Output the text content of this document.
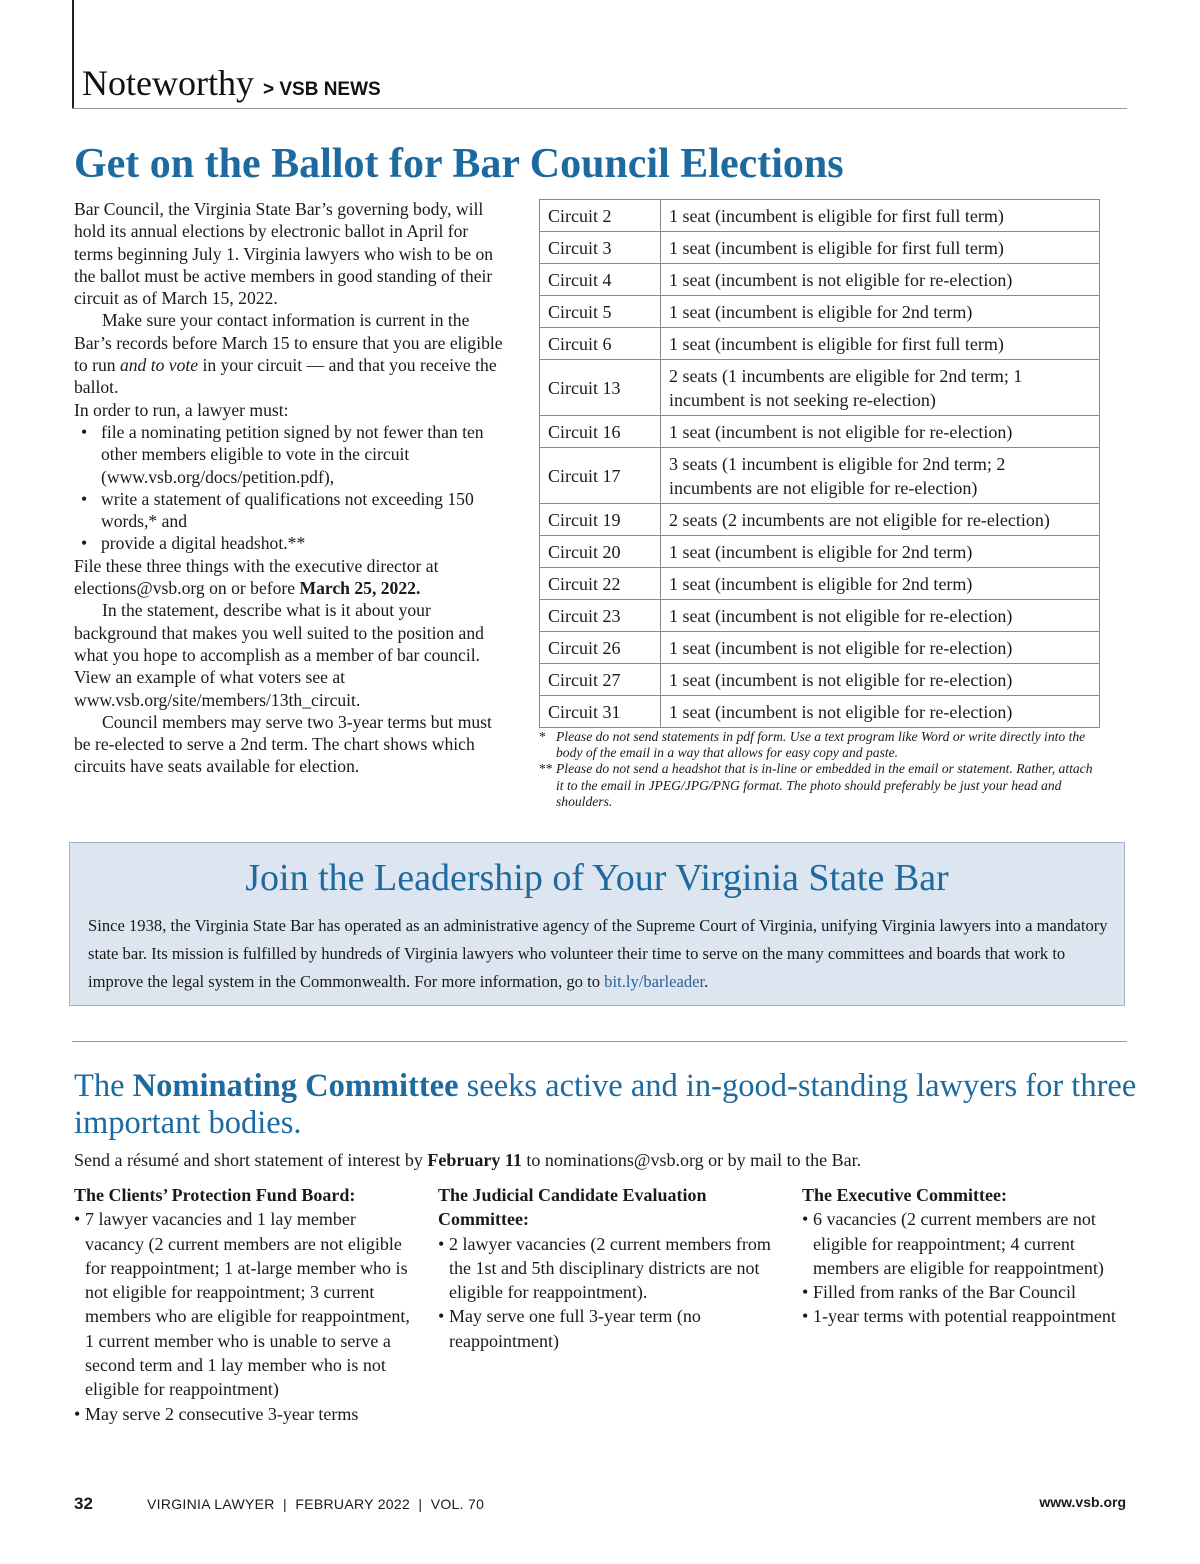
Noteworthy > VSB NEWS
Get on the Ballot for Bar Council Elections

Bar Council, the Virginia State Bar’s governing body, will hold its annual elections by electronic ballot in April for terms beginning July 1. Virginia lawyers who wish to be on the ballot must be active members in good standing of their circuit as of March 15, 2022.

Make sure your contact information is current in the Bar’s records before March 15 to ensure that you are eligible to run and to vote in your circuit — and that you receive the ballot.

In order to run, a lawyer must:

• file a nominating petition signed by not fewer than ten other members eligible to vote in the circuit (www.vsb.org/docs/petition.pdf),
• write a statement of qualifications not exceeding 150 words,* and
• provide a digital headshot.**

File these three things with the executive director at elections@vsb.org on or before March 25, 2022.

In the statement, describe what is it about your background that makes you well suited to the position and what you hope to accomplish as a member of bar council. View an example of what voters see at www.vsb.org/site/members/13th_circuit.

Council members may serve two 3-year terms but must be re-elected to serve a 2nd term. The chart shows which circuits have seats available for election.

Circuit 2	1 seat (incumbent is eligible for first full term)
Circuit 3	1 seat (incumbent is eligible for first full term)
Circuit 4	1 seat (incumbent is not eligible for re-election)
Circuit 5	1 seat (incumbent is eligible for 2nd term)
Circuit 6	1 seat (incumbent is eligible for first full term)
Circuit 13	2 seats (1 incumbents are eligible for 2nd term; 1 incumbent is not seeking re-election)
Circuit 16	1 seat (incumbent is not eligible for re-election)
Circuit 17	3 seats (1 incumbent is eligible for 2nd term; 2 incumbents are not eligible for re-election)
Circuit 19	2 seats (2 incumbents are not eligible for re-election)
Circuit 20	1 seat (incumbent is eligible for 2nd term)
Circuit 22	1 seat (incumbent is eligible for 2nd term)
Circuit 23	1 seat (incumbent is not eligible for re-election)
Circuit 26	1 seat (incumbent is not eligible for re-election)
Circuit 27	1 seat (incumbent is not eligible for re-election)
Circuit 31	1 seat (incumbent is not eligible for re-election)
* Please do not send statements in pdf form. Use a text program like Word or write directly into the body of the email in a way that allows for easy copy and paste.
** Please do not send a headshot that is in-line or embedded in the email or statement. Rather, attach it to the email in JPEG/JPG/PNG format. The photo should preferably be just your head and shoulders.
Join the Leadership of Your Virginia State Bar
Since 1938, the Virginia State Bar has operated as an administrative agency of the Supreme Court of Virginia, unifying Virginia lawyers into a mandatory state bar. Its mission is fulfilled by hundreds of Virginia lawyers who volunteer their time to serve on the many committees and boards that work to improve the legal system in the Commonwealth. For more information, go to bit.ly/barleader.
The Nominating Committee seeks active and in-good-standing lawyers for three important bodies.
Send a résumé and short statement of interest by February 11 to nominations@vsb.org or by mail to the Bar.
The Clients’ Protection Fund Board:
• 7 lawyer vacancies and 1 lay member vacancy (2 current members are not eligible for reappointment; 1 at-large member who is not eligible for reappointment; 3 current members who are eligible for reappointment, 1 current member who is unable to serve a second term and 1 lay member who is not eligible for reappointment)
• May serve 2 consecutive 3-year terms
The Judicial Candidate Evaluation Committee:
• 2 lawyer vacancies (2 current members from the 1st and 5th disciplinary districts are not eligible for reappointment).
• May serve one full 3-year term (no reappointment)
The Executive Committee:
• 6 vacancies (2 current members are not eligible for reappointment; 4 current members are eligible for reappointment)
• Filled from ranks of the Bar Council
• 1-year terms with potential reappointment
32	VIRGINIA LAWYER  |  FEBRUARY 2022  |  VOL. 70	www.vsb.org
